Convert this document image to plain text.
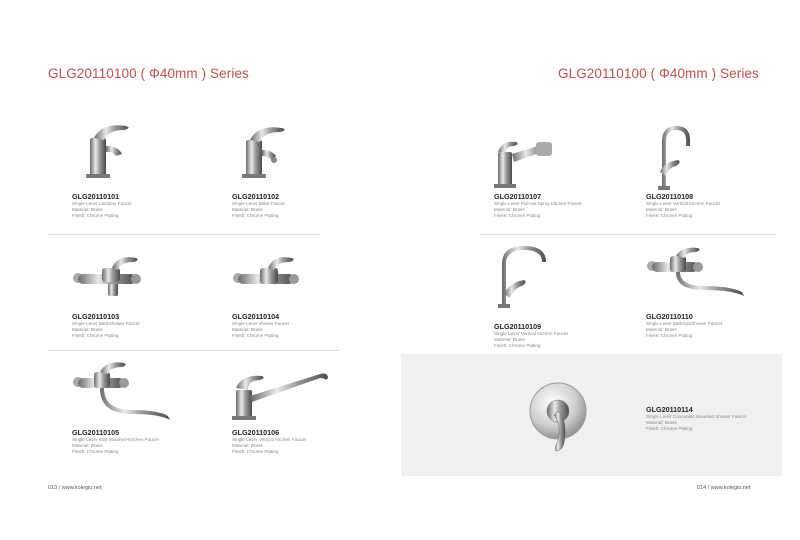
GLG20110100 ( Φ40mm ) Series	GLG20110100 ( Φ40mm ) Series
GLG20110101
Single Lever Lavatory Faucet
Material: Brass
Finish: Chrome Plating
GLG20110102
Single Lever Bidet Faucet
Material: Brass
Finish: Chrome Plating
GLG20110103
Single Lever Bath/shower Faucet
Material: Brass
Finish: Chrome Plating
GLG20110104
Single Lever shower Faucet
Material: Brass
Finish: Chrome Plating
GLG20110105
Single Lever Wall Mounted-Kitchen Faucet
Material: Brass
Finish: Chrome Plating
GLG20110106
Single Lever Vertical Kitchen Faucet
Material: Brass
Finish: Chrome Plating
GLG20110107
Single Lever Pull-out Spray Kitchen Faucet
Material: Brass
Finish: Chrome Plating
GLG20110108
Single Lever Vertical Kitchen Faucet
Material: Brass
Finish: Chrome Plating
GLG20110109
Single Lever Vertical Kitchen Faucet
Material: Brass
Finish: Chrome Plating
GLG20110110
Single Lever Bath/tub/Shower Faucet
Material: Brass
Finish: Chrome Plating
GLG20110114
Single Lever Concealed Mounted Shower Faucet
Material: Brass
Finish: Chrome Plating
013 / www.kolegio.net	014 / www.kolegio.net
